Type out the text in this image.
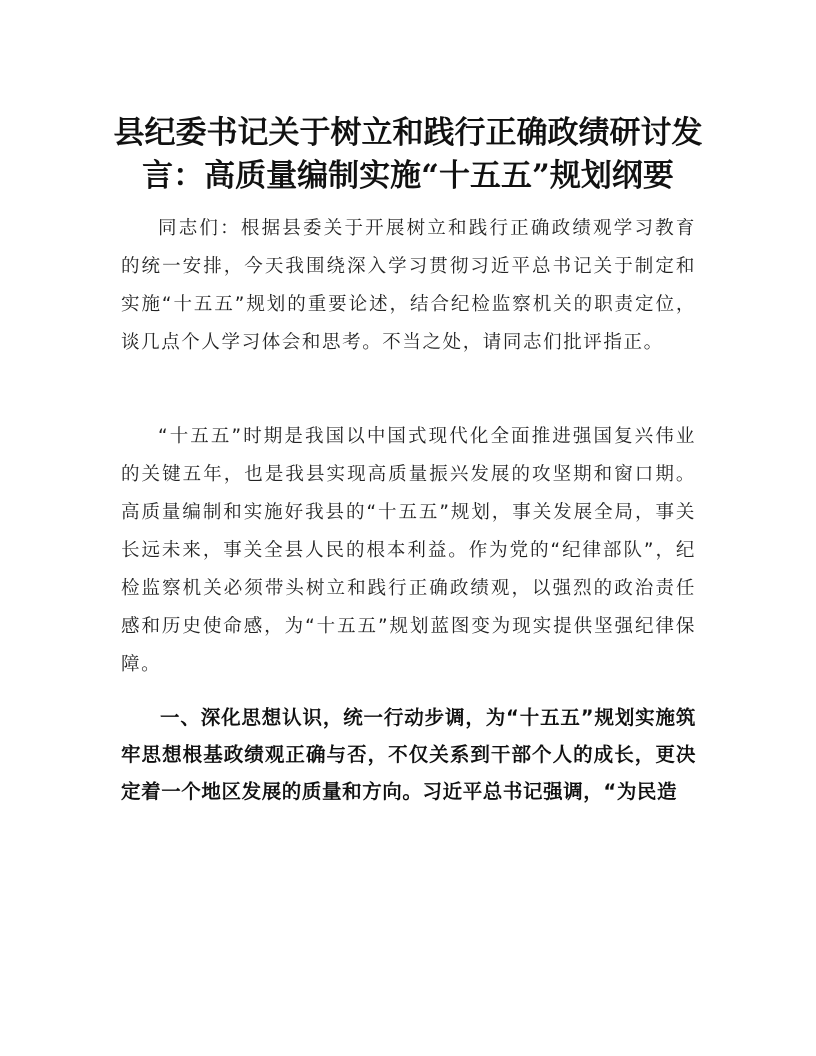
县纪委书记关于树立和践行正确政绩研讨发言：高质量编制实施“十五五”规划纲要

同志们：根据县委关于开展树立和践行正确政绩观学习教育的统一安排，今天我围绕深入学习贯彻习近平总书记关于制定和实施“十五五”规划的重要论述，结合纪检监察机关的职责定位，谈几点个人学习体会和思考。不当之处，请同志们批评指正。

“十五五”时期是我国以中国式现代化全面推进强国复兴伟业的关键五年，也是我县实现高质量振兴发展的攻坚期和窗口期。高质量编制和实施好我县的“十五五”规划，事关发展全局，事关长远未来，事关全县人民的根本利益。作为党的“纪律部队”，纪检监察机关必须带头树立和践行正确政绩观，以强烈的政治责任感和历史使命感，为“十五五”规划蓝图变为现实提供坚强纪律保障。

一、深化思想认识，统一行动步调，为“十五五”规划实施筑牢思想根基政绩观正确与否，不仅关系到干部个人的成长，更决定着一个地区发展的质量和方向。习近平总书记强调，“为民造
